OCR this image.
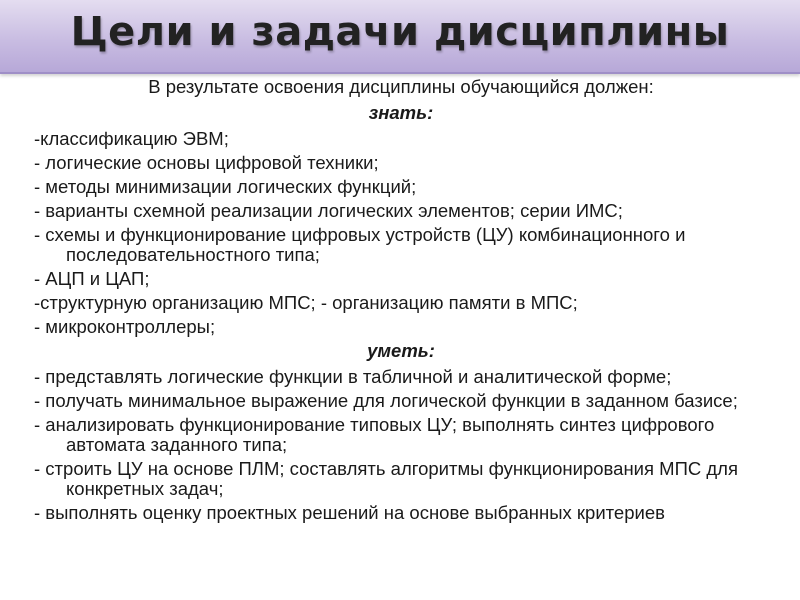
Цели и задачи дисциплины
В результате освоения дисциплины обучающийся должен:
знать:
-классификацию ЭВМ;
- логические основы цифровой техники;
- методы минимизации логических функций;
- варианты схемной реализации логических элементов; серии ИМС;
- схемы и функционирование цифровых устройств (ЦУ) комбинационного и последовательностного типа;
- АЦП и ЦАП;
-структурную организацию МПС; - организацию памяти в МПС;
- микроконтроллеры;
уметь:
- представлять логические функции в табличной и аналитической форме;
- получать минимальное выражение для логической функции в заданном базисе;
- анализировать функционирование типовых ЦУ; выполнять синтез цифрового автомата заданного типа;
- строить ЦУ на основе ПЛМ; составлять алгоритмы функционирования МПС для конкретных задач;
- выполнять оценку проектных решений на основе выбранных критериев
